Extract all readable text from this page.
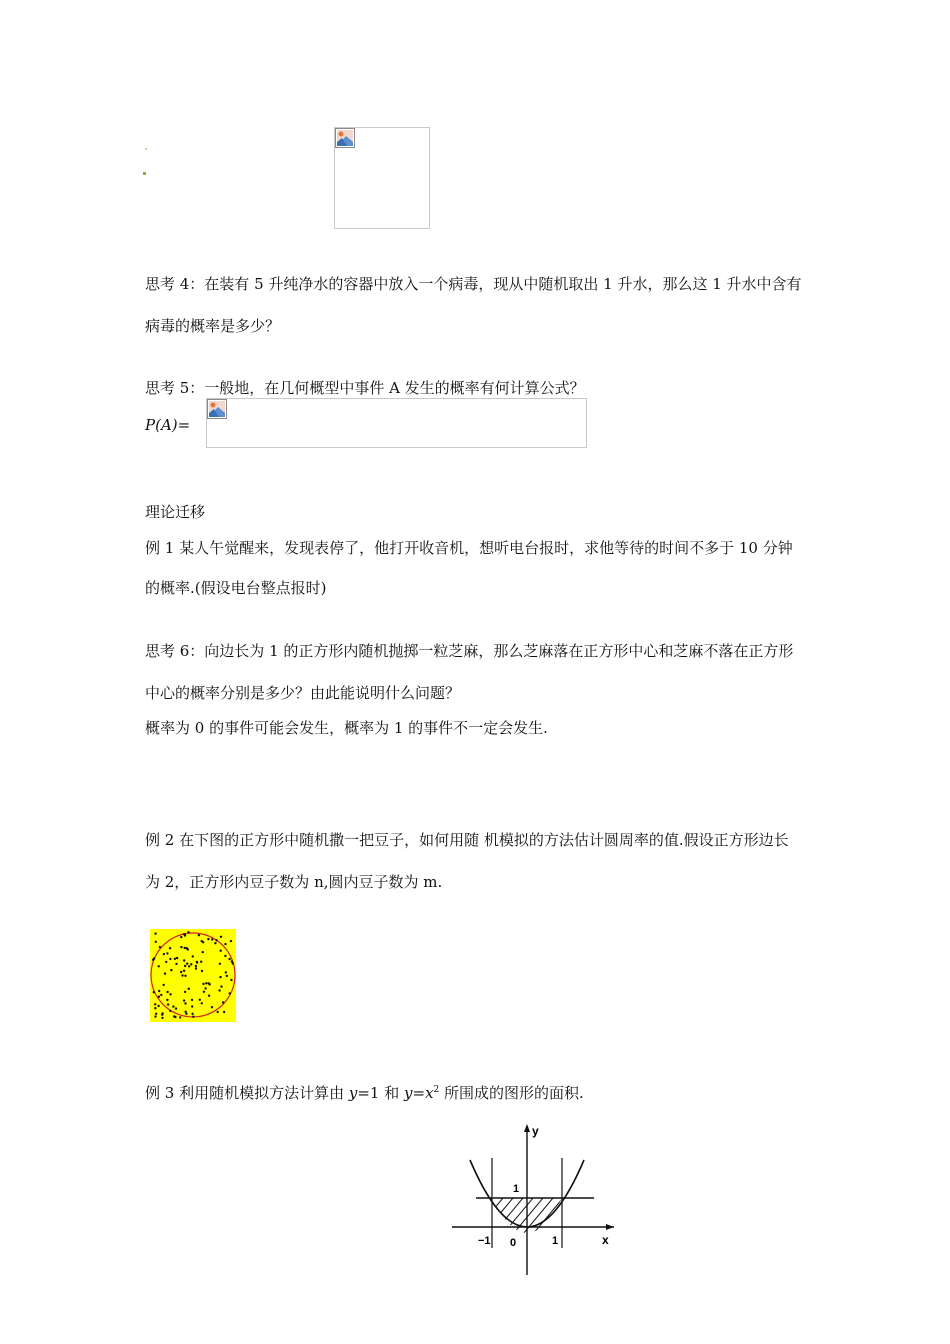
思考 4：在装有 5 升纯净水的容器中放入一个病毒，现从中随机取出 1 升水，那么这 1 升水中含有
病毒的概率是多少？
思考 5：一般地，在几何概型中事件 A 发生的概率有何计算公式？
P(A)=
理论迁移
例 1 某人午觉醒来，发现表停了，他打开收音机，想听电台报时，求他等待的时间不多于 10 分钟
的概率.(假设电台整点报时)
思考 6：向边长为 1 的正方形内随机抛掷一粒芝麻，那么芝麻落在正方形中心和芝麻不落在正方形
中心的概率分别是多少？由此能说明什么问题？
概率为 0 的事件可能会发生，概率为 1 的事件不一定会发生.
例 2 在下图的正方形中随机撒一把豆子，如何用随 机模拟的方法估计圆周率的值.假设正方形边长
为 2，正方形内豆子数为 n,圆内豆子数为 m.
例 3 利用随机模拟方法计算由 y=1 和 $y=x^2$ 所围成的图形的面积.
y
x
1
−1 0	1
